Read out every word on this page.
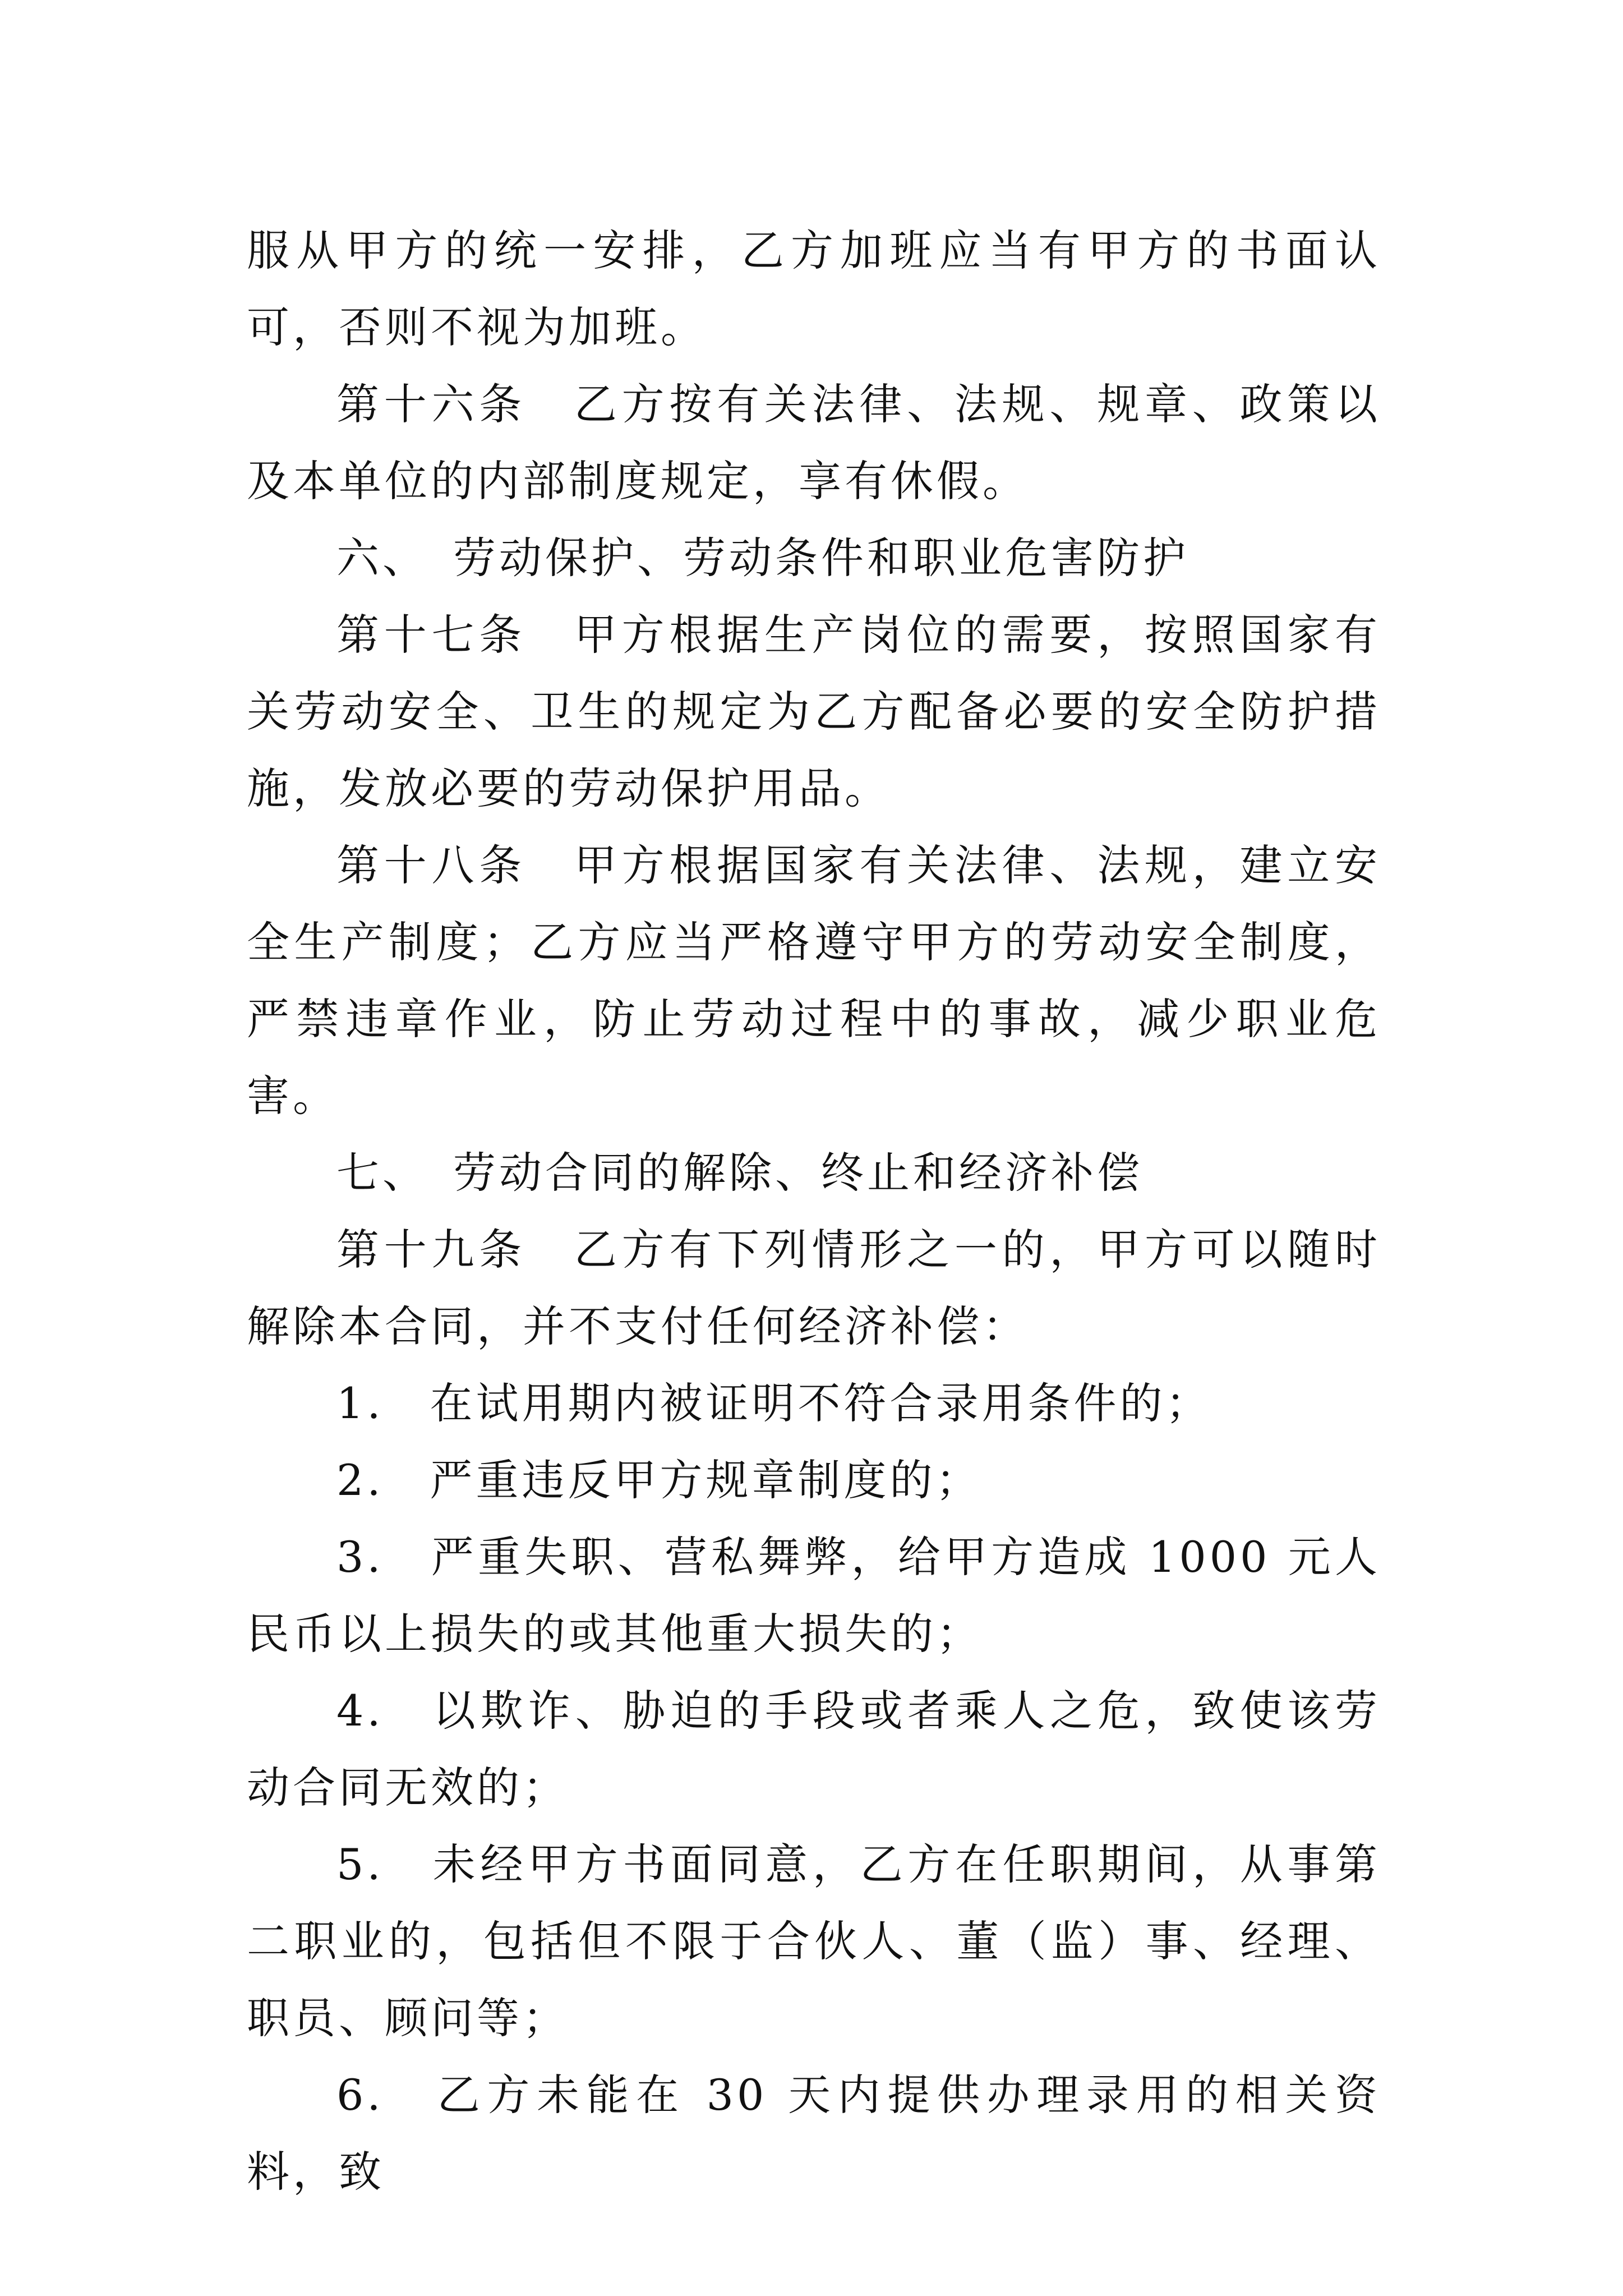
服从甲方的统一安排，乙方加班应当有甲方的书面认可，否则不视为加班。

第十六条　乙方按有关法律、法规、规章、政策以及本单位的内部制度规定，享有休假。

六、　劳动保护、劳动条件和职业危害防护

第十七条　甲方根据生产岗位的需要，按照国家有关劳动安全、卫生的规定为乙方配备必要的安全防护措施，发放必要的劳动保护用品。

第十八条　甲方根据国家有关法律、法规，建立安全生产制度；乙方应当严格遵守甲方的劳动安全制度，严禁违章作业，防止劳动过程中的事故，减少职业危害。

七、　劳动合同的解除、终止和经济补偿

第十九条　乙方有下列情形之一的，甲方可以随时解除本合同，并不支付任何经济补偿：

1.　在试用期内被证明不符合录用条件的；

2.　严重违反甲方规章制度的；

3.　严重失职、营私舞弊，给甲方造成 1000 元人民币以上损失的或其他重大损失的；

4.　以欺诈、胁迫的手段或者乘人之危，致使该劳动合同无效的；

5.　未经甲方书面同意，乙方在任职期间，从事第二职业的，包括但不限于合伙人、董（监）事、经理、职员、顾问等；

6.　乙方未能在 30 天内提供办理录用的相关资料，致
